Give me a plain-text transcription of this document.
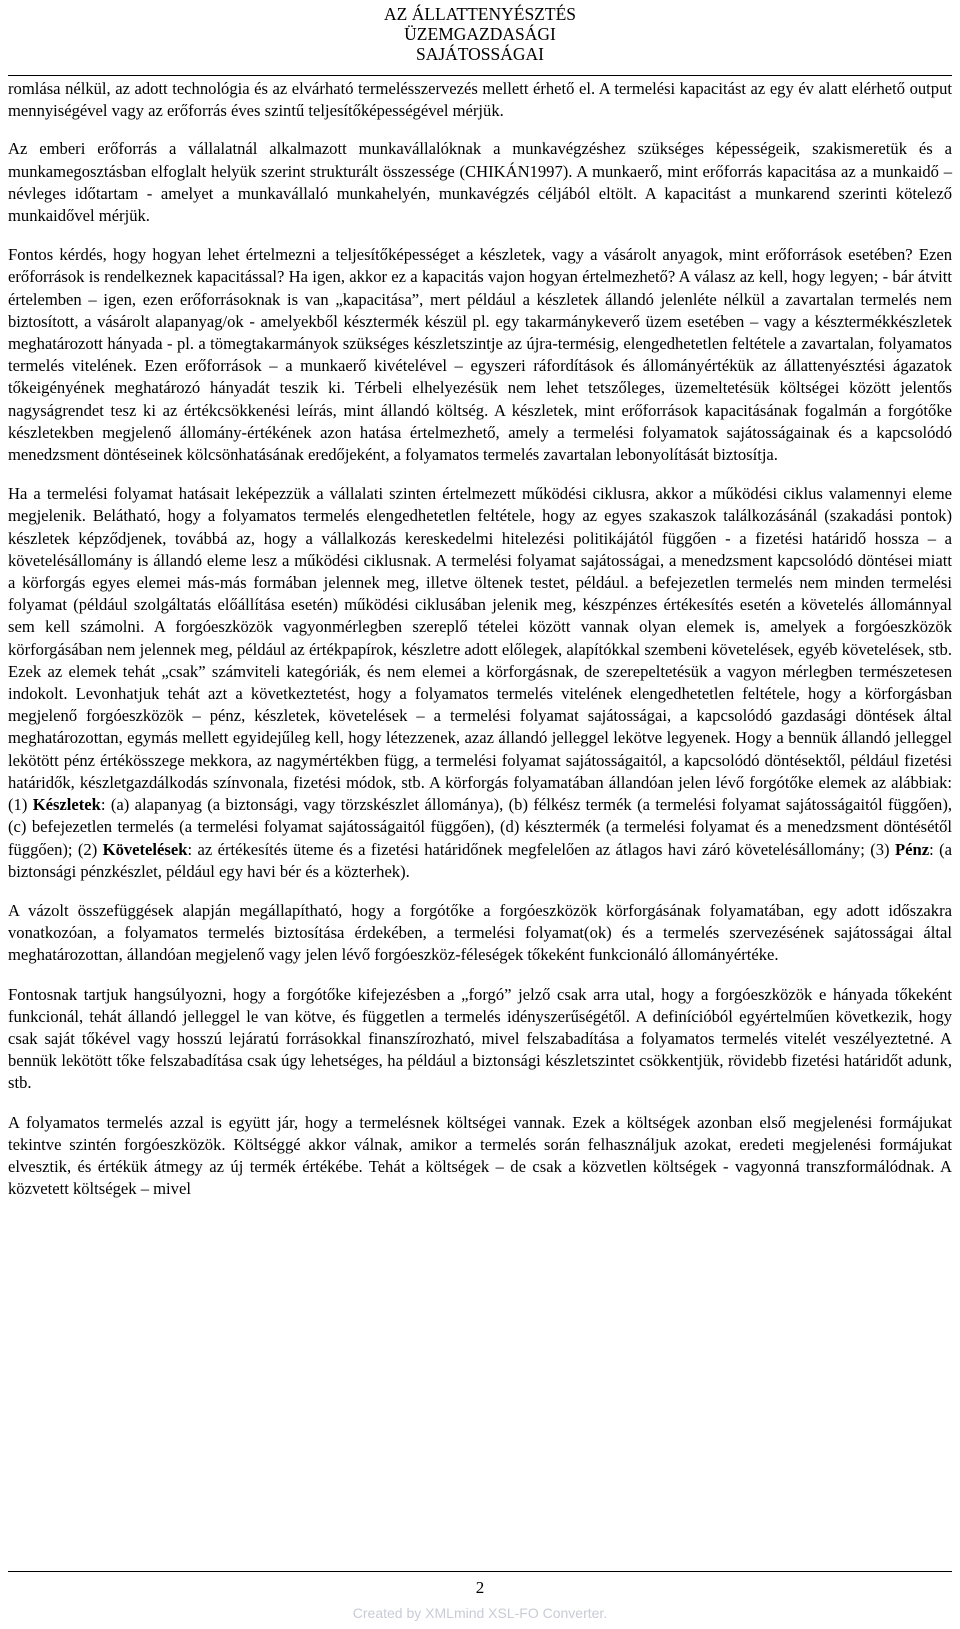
AZ ÁLLATTENYÉSZTÉS
ÜZEMGAZDASÁGI
SAJÁTOSSÁGAI

romlása nélkül, az adott technológia és az elvárható termelésszervezés mellett érhető el. A termelési kapacitást az egy év alatt elérhető output mennyiségével vagy az erőforrás éves szintű teljesítőképességével mérjük.

Az emberi erőforrás a vállalatnál alkalmazott munkavállalóknak a munkavégzéshez szükséges képességeik, szakismeretük és a munkamegosztásban elfoglalt helyük szerint strukturált összessége (CHIKÁN1997). A munkaerő, mint erőforrás kapacitása az a munkaidő – névleges időtartam - amelyet a munkavállaló munkahelyén, munkavégzés céljából eltölt. A kapacitást a munkarend szerinti kötelező munkaidővel mérjük.

Fontos kérdés, hogy hogyan lehet értelmezni a teljesítőképességet a készletek, vagy a vásárolt anyagok, mint erőforrások esetében? Ezen erőforrások is rendelkeznek kapacitással? Ha igen, akkor ez a kapacitás vajon hogyan értelmezhető? A válasz az kell, hogy legyen; - bár átvitt értelemben – igen, ezen erőforrásoknak is van „kapacitása”, mert például a készletek állandó jelenléte nélkül a zavartalan termelés nem biztosított, a vásárolt alapanyag/ok - amelyekből késztermék készül pl. egy takarmánykeverő üzem esetében – vagy a késztermékkészletek meghatározott hányada - pl. a tömegtakarmányok szükséges készletszintje az újra-termésig, elengedhetetlen feltétele a zavartalan, folyamatos termelés vitelének. Ezen erőforrások – a munkaerő kivételével – egyszeri ráfordítások és állományértékük az állattenyésztési ágazatok tőkeigényének meghatározó hányadát teszik ki. Térbeli elhelyezésük nem lehet tetszőleges, üzemeltetésük költségei között jelentős nagyságrendet tesz ki az értékcsökkenési leírás, mint állandó költség. A készletek, mint erőforrások kapacitásának fogalmán a forgótőke készletekben megjelenő állomány-értékének azon hatása értelmezhető, amely a termelési folyamatok sajátosságainak és a kapcsolódó menedzsment döntéseinek kölcsönhatásának eredőjeként, a folyamatos termelés zavartalan lebonyolítását biztosítja.

Ha a termelési folyamat hatásait leképezzük a vállalati szinten értelmezett működési ciklusra, akkor a működési ciklus valamennyi eleme megjelenik. Belátható, hogy a folyamatos termelés elengedhetetlen feltétele, hogy az egyes szakaszok találkozásánál (szakadási pontok) készletek képződjenek, továbbá az, hogy a vállalkozás kereskedelmi hitelezési politikájától függően - a fizetési határidő hossza – a követelésállomány is állandó eleme lesz a működési ciklusnak. A termelési folyamat sajátosságai, a menedzsment kapcsolódó döntései miatt a körforgás egyes elemei más-más formában jelennek meg, illetve öltenek testet, például. a befejezetlen termelés nem minden termelési folyamat (például szolgáltatás előállítása esetén) működési ciklusában jelenik meg, készpénzes értékesítés esetén a követelés állománnyal sem kell számolni. A forgóeszközök vagyonmérlegben szereplő tételei között vannak olyan elemek is, amelyek a forgóeszközök körforgásában nem jelennek meg, például az értékpapírok, készletre adott előlegek, alapítókkal szembeni követelések, egyéb követelések, stb. Ezek az elemek tehát „csak” számviteli kategóriák, és nem elemei a körforgásnak, de szerepeltetésük a vagyon mérlegben természetesen indokolt. Levonhatjuk tehát azt a következtetést, hogy a folyamatos termelés vitelének elengedhetetlen feltétele, hogy a körforgásban megjelenő forgóeszközök – pénz, készletek, követelések – a termelési folyamat sajátosságai, a kapcsolódó gazdasági döntések által meghatározottan, egymás mellett egyidejűleg kell, hogy létezzenek, azaz állandó jelleggel lekötve legyenek. Hogy a bennük állandó jelleggel lekötött pénz értékösszege mekkora, az nagymértékben függ, a termelési folyamat sajátosságaitól, a kapcsolódó döntésektől, például fizetési határidők, készletgazdálkodás színvonala, fizetési módok, stb. A körforgás folyamatában állandóan jelen lévő forgótőke elemek az alábbiak: (1) Készletek: (a) alapanyag (a biztonsági, vagy törzskészlet állománya), (b) félkész termék (a termelési folyamat sajátosságaitól függően), (c) befejezetlen termelés (a termelési folyamat sajátosságaitól függően), (d) késztermék (a termelési folyamat és a menedzsment döntésétől függően); (2) Követelések: az értékesítés üteme és a fizetési határidőnek megfelelően az átlagos havi záró követelésállomány; (3) Pénz: (a biztonsági pénzkészlet, például egy havi bér és a közterhek).

A vázolt összefüggések alapján megállapítható, hogy a forgótőke a forgóeszközök körforgásának folyamatában, egy adott időszakra vonatkozóan, a folyamatos termelés biztosítása érdekében, a termelési folyamat(ok) és a termelés szervezésének sajátosságai által meghatározottan, állandóan megjelenő vagy jelen lévő forgóeszköz-féleségek tőkeként funkcionáló állományértéke.

Fontosnak tartjuk hangsúlyozni, hogy a forgótőke kifejezésben a „forgó” jelző csak arra utal, hogy a forgóeszközök e hányada tőkeként funkcionál, tehát állandó jelleggel le van kötve, és független a termelés idényszerűségétől. A definícióból egyértelműen következik, hogy csak saját tőkével vagy hosszú lejáratú forrásokkal finanszírozható, mivel felszabadítása a folyamatos termelés vitelét veszélyeztetné. A bennük lekötött tőke felszabadítása csak úgy lehetséges, ha például a biztonsági készletszintet csökkentjük, rövidebb fizetési határidőt adunk, stb.

A folyamatos termelés azzal is együtt jár, hogy a termelésnek költségei vannak. Ezek a költségek azonban első megjelenési formájukat tekintve szintén forgóeszközök. Költséggé akkor válnak, amikor a termelés során felhasználjuk azokat, eredeti megjelenési formájukat elvesztik, és értékük átmegy az új termék értékébe. Tehát a költségek – de csak a közvetlen költségek - vagyonná transzformálódnak. A közvetett költségek – mivel

2
Created by XMLmind XSL-FO Converter.
